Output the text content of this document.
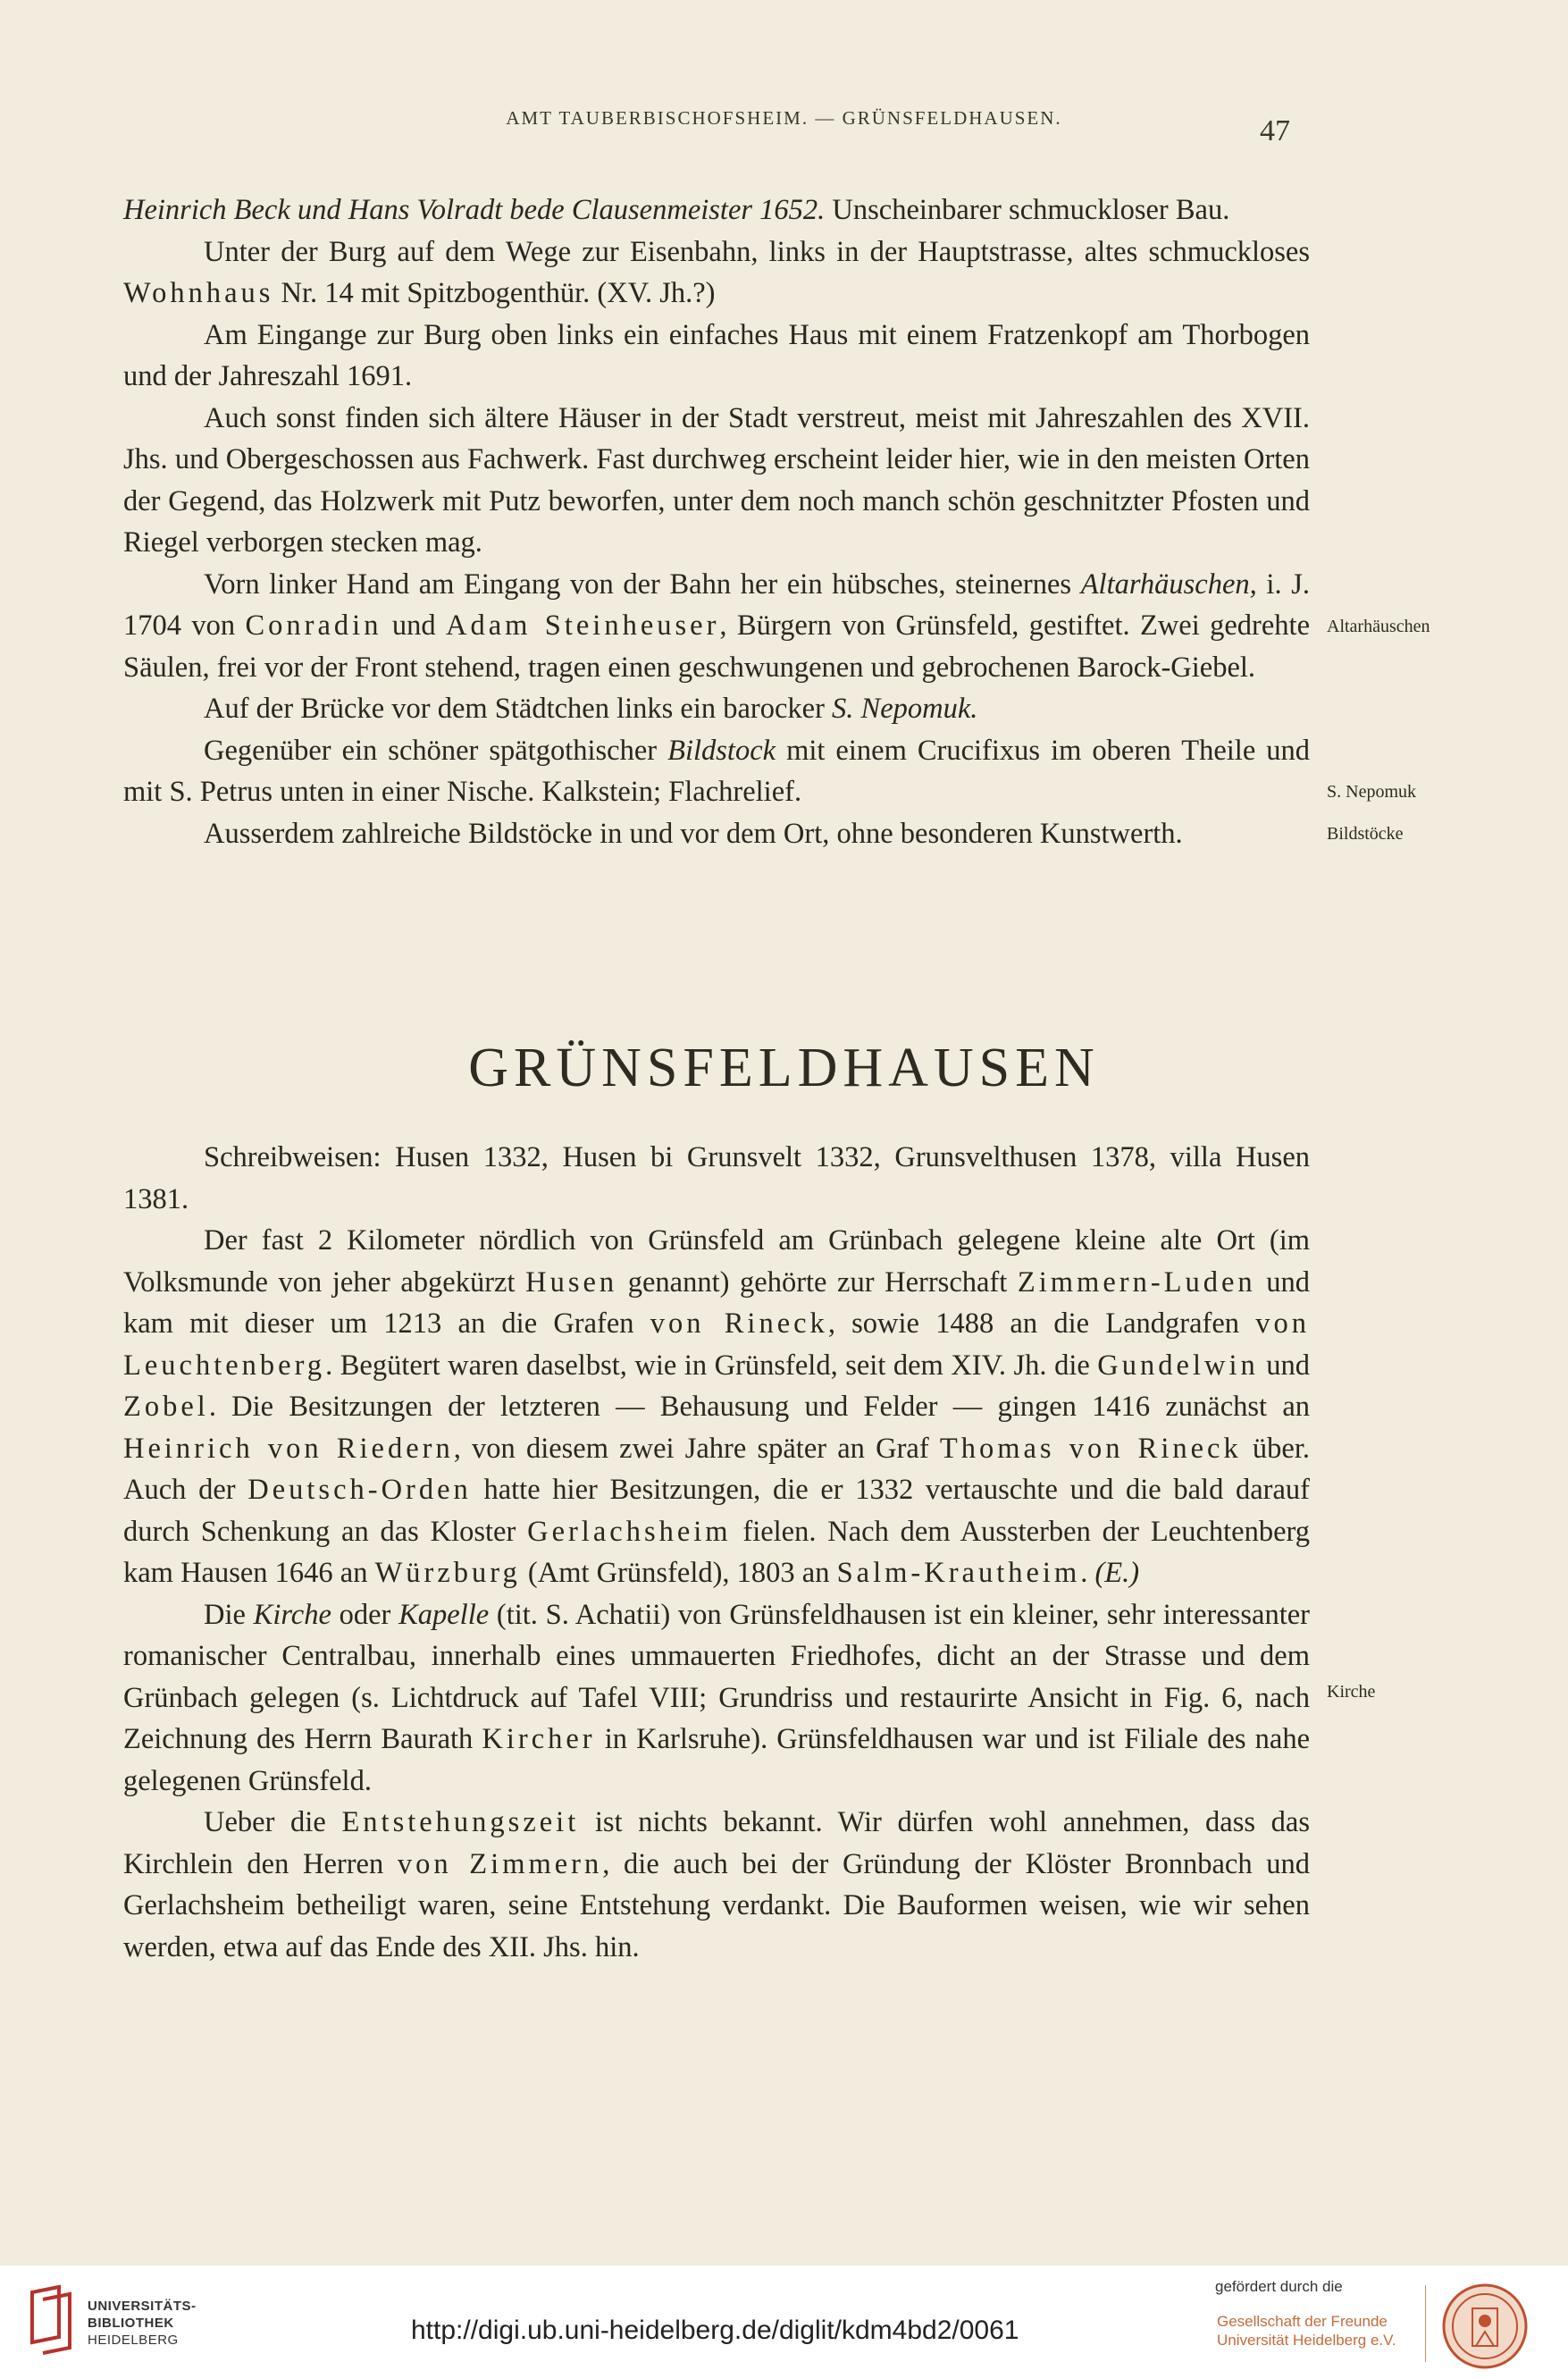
AMT TAUBERBISCHOFSHEIM. — GRÜNSFELDHAUSEN.	47

Heinrich Beck und Hans Volradt bede Clausenmeister 1652. Unscheinbarer schmuckloser Bau.

Unter der Burg auf dem Wege zur Eisenbahn, links in der Hauptstrasse, altes schmuckloses Wohnhaus Nr. 14 mit Spitzbogenthür. (XV. Jh.?)

Am Eingange zur Burg oben links ein einfaches Haus mit einem Fratzenkopf am Thorbogen und der Jahreszahl 1691.

Auch sonst finden sich ältere Häuser in der Stadt verstreut, meist mit Jahreszahlen des XVII. Jhs. und Obergeschossen aus Fachwerk. Fast durchweg erscheint leider hier, wie in den meisten Orten der Gegend, das Holzwerk mit Putz beworfen, unter dem noch manch schön geschnitzter Pfosten und Riegel verborgen stecken mag.

Vorn linker Hand am Eingang von der Bahn her ein hübsches, steinernes Altarhäuschen, i. J. 1704 von Conradin und Adam Steinheuser, Bürgern von Grünsfeld, gestiftet. Zwei gedrehte Säulen, frei vor der Front stehend, tragen einen geschwungenen und gebrochenen Barock-Giebel.

Auf der Brücke vor dem Städtchen links ein barocker S. Nepomuk.

Gegenüber ein schöner spätgothischer Bildstock mit einem Crucifixus im oberen Theile und mit S. Petrus unten in einer Nische. Kalkstein; Flachrelief.

Ausserdem zahlreiche Bildstöcke in und vor dem Ort, ohne besonderen Kunstwerth.

Altarhäuschen
S. Nepomuk
Bildstöcke
GRÜNSFELDHAUSEN

Schreibweisen: Husen 1332, Husen bi Grunsvelt 1332, Grunsvelthusen 1378, villa Husen 1381.

Der fast 2 Kilometer nördlich von Grünsfeld am Grünbach gelegene kleine alte Ort (im Volksmunde von jeher abgekürzt Husen genannt) gehörte zur Herrschaft Zimmern-Luden und kam mit dieser um 1213 an die Grafen von Rineck, sowie 1488 an die Landgrafen von Leuchtenberg. Begütert waren daselbst, wie in Grünsfeld, seit dem XIV. Jh. die Gundelwin und Zobel. Die Besitzungen der letzteren — Behausung und Felder — gingen 1416 zunächst an Heinrich von Riedern, von diesem zwei Jahre später an Graf Thomas von Rineck über. Auch der Deutsch-Orden hatte hier Besitzungen, die er 1332 vertauschte und die bald darauf durch Schenkung an das Kloster Gerlachsheim fielen. Nach dem Aussterben der Leuchtenberg kam Hausen 1646 an Würzburg (Amt Grünsfeld), 1803 an Salm-Krautheim. (E.)

Die Kirche oder Kapelle (tit. S. Achatii) von Grünsfeldhausen ist ein kleiner, sehr interessanter romanischer Centralbau, innerhalb eines ummauerten Friedhofes, dicht an der Strasse und dem Grünbach gelegen (s. Lichtdruck auf Tafel VIII; Grundriss und restaurirte Ansicht in Fig. 6, nach Zeichnung des Herrn Baurath Kircher in Karlsruhe). Grünsfeldhausen war und ist Filiale des nahe gelegenen Grünsfeld.

Ueber die Entstehungszeit ist nichts bekannt. Wir dürfen wohl annehmen, dass das Kirchlein den Herren von Zimmern, die auch bei der Gründung der Klöster Bronnbach und Gerlachsheim betheiligt waren, seine Entstehung verdankt. Die Bauformen weisen, wie wir sehen werden, etwa auf das Ende des XII. Jhs. hin.

Kirche
UNIVERSITÄTS-
BIBLIOTHEK
HEIDELBERG	http://digi.ub.uni-heidelberg.de/diglit/kdm4bd2/0061
gefördert durch die
Gesellschaft der Freunde
Universität Heidelberg e.V.
